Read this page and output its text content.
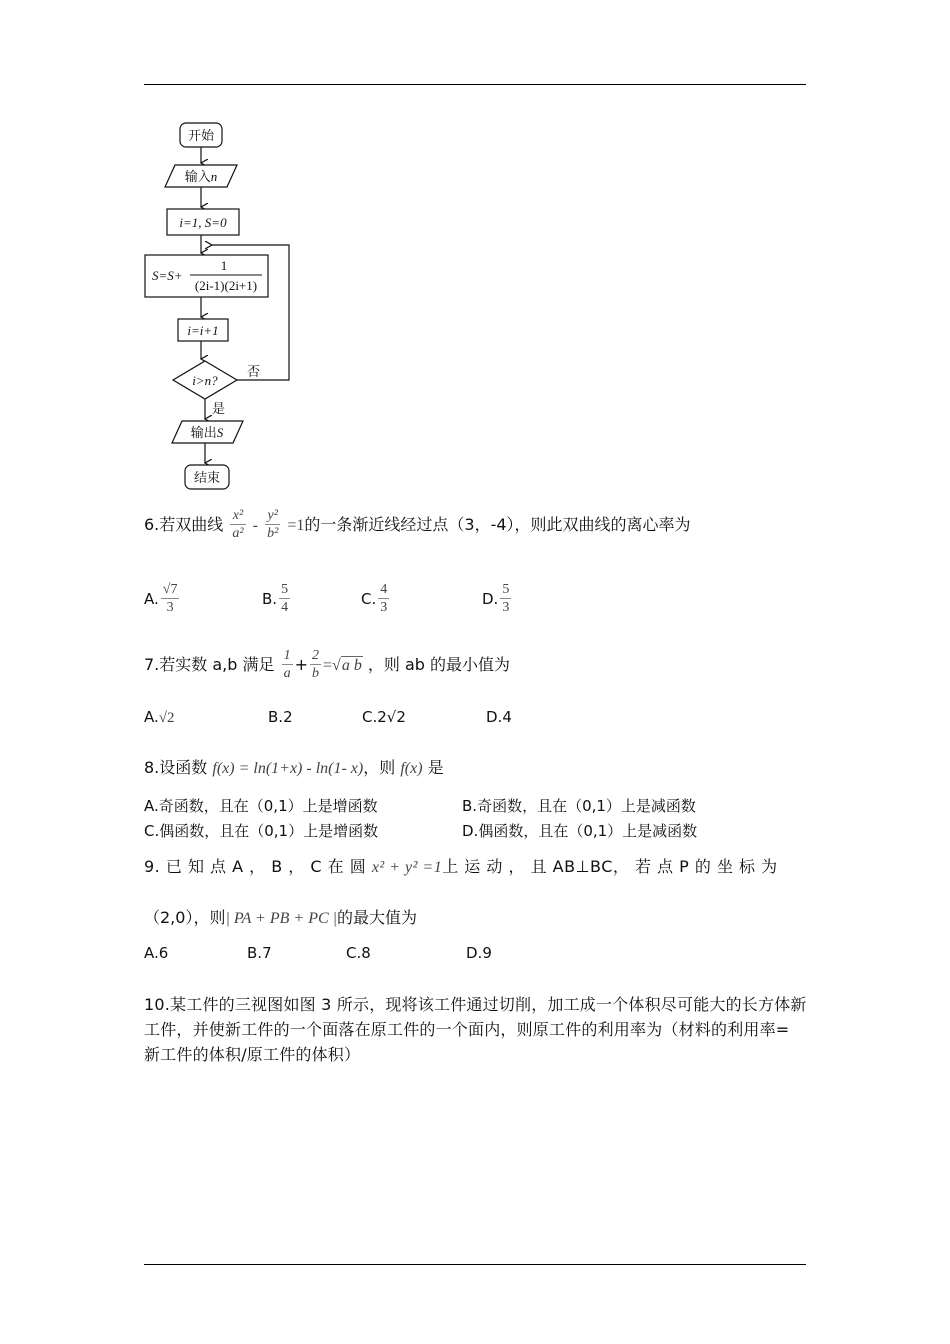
开始
输入n
i=1, S=0
S=S+
1
(2i-1)(2i+1)
i=i+1
i>n?
否
是
输出S
结束
6.若双曲线 $\frac{\text{x²}}{\text{a²}} - \frac{\text{y²}}{\text{b²}} =1$的一条渐近线经过点（3，-4），则此双曲线的离心率为
A. $\frac{√7}{3}$	B. $\frac{5}{4}$	C. $\frac{4}{3}$	D. $\frac{5}{3}$
7.若实数 a,b 满足 $\frac{1}{a} + \frac{2}{b} =√a$ b ，则 ab 的最小值为
A.√2	B.2	C.2√2	D.4
8.设函数 f(x) = ln(1+x) - ln(1- x)，则 f(x) 是
A.奇函数，且在（0,1）上是增函数	B.奇函数，且在（0,1）上是减函数
C.偶函数，且在（0,1）上是增函数	D.偶函数，且在（0,1）上是减函数
9. 已 知 点 A ， B ， C 在 圆 x² + y² =1上 运 动 ， 且 AB⊥BC， 若 点 P 的 坐 标 为
（2,0），则| PA + PB + PC |的最大值为
A.6	B.7	C.8	D.9
10.某工件的三视图如图 3 所示，现将该工件通过切削，加工成一个体积尽可能大的长方体新工件，并使新工件的一个面落在原工件的一个面内，则原工件的利用率为（材料的利用率= 新工件的体积/原工件的体积）
